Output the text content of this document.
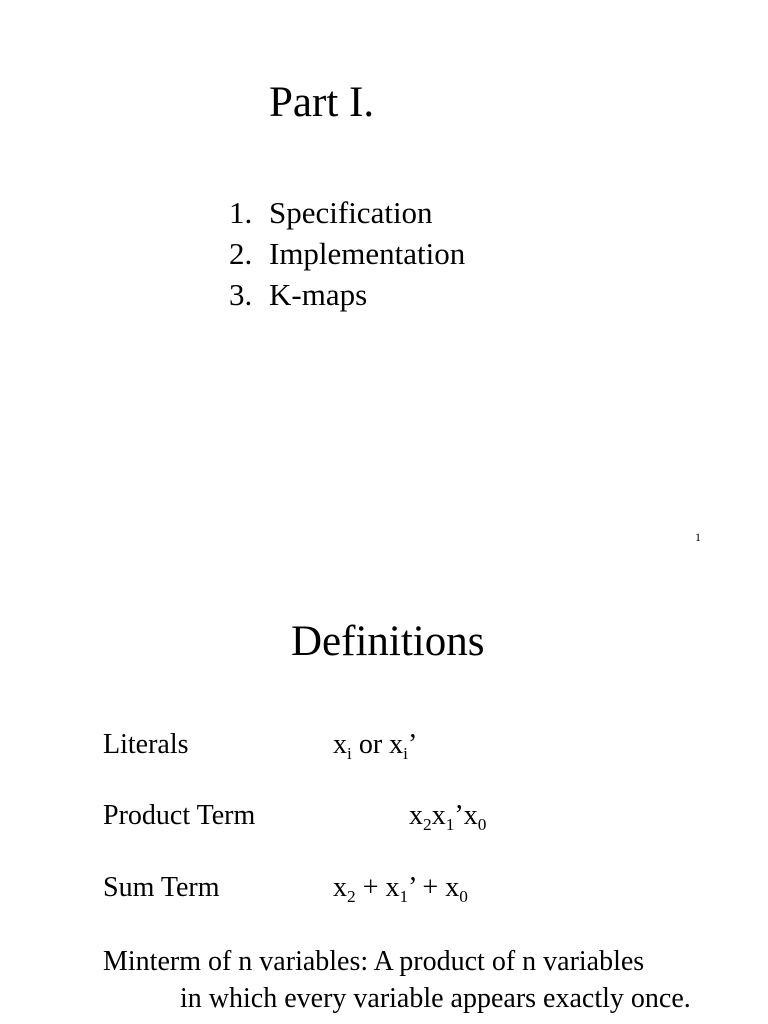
Part I.
1. Specification
2. Implementation
3. K-maps
1
Definitions
Literals	$x_i$ or $x_i$’
Product Term	$x_2x_1’x_0$
Sum Term	$x_2 + x_1$’ + $x_0$
Minterm of n variables: A product of n variables
in which every variable appears exactly once.
